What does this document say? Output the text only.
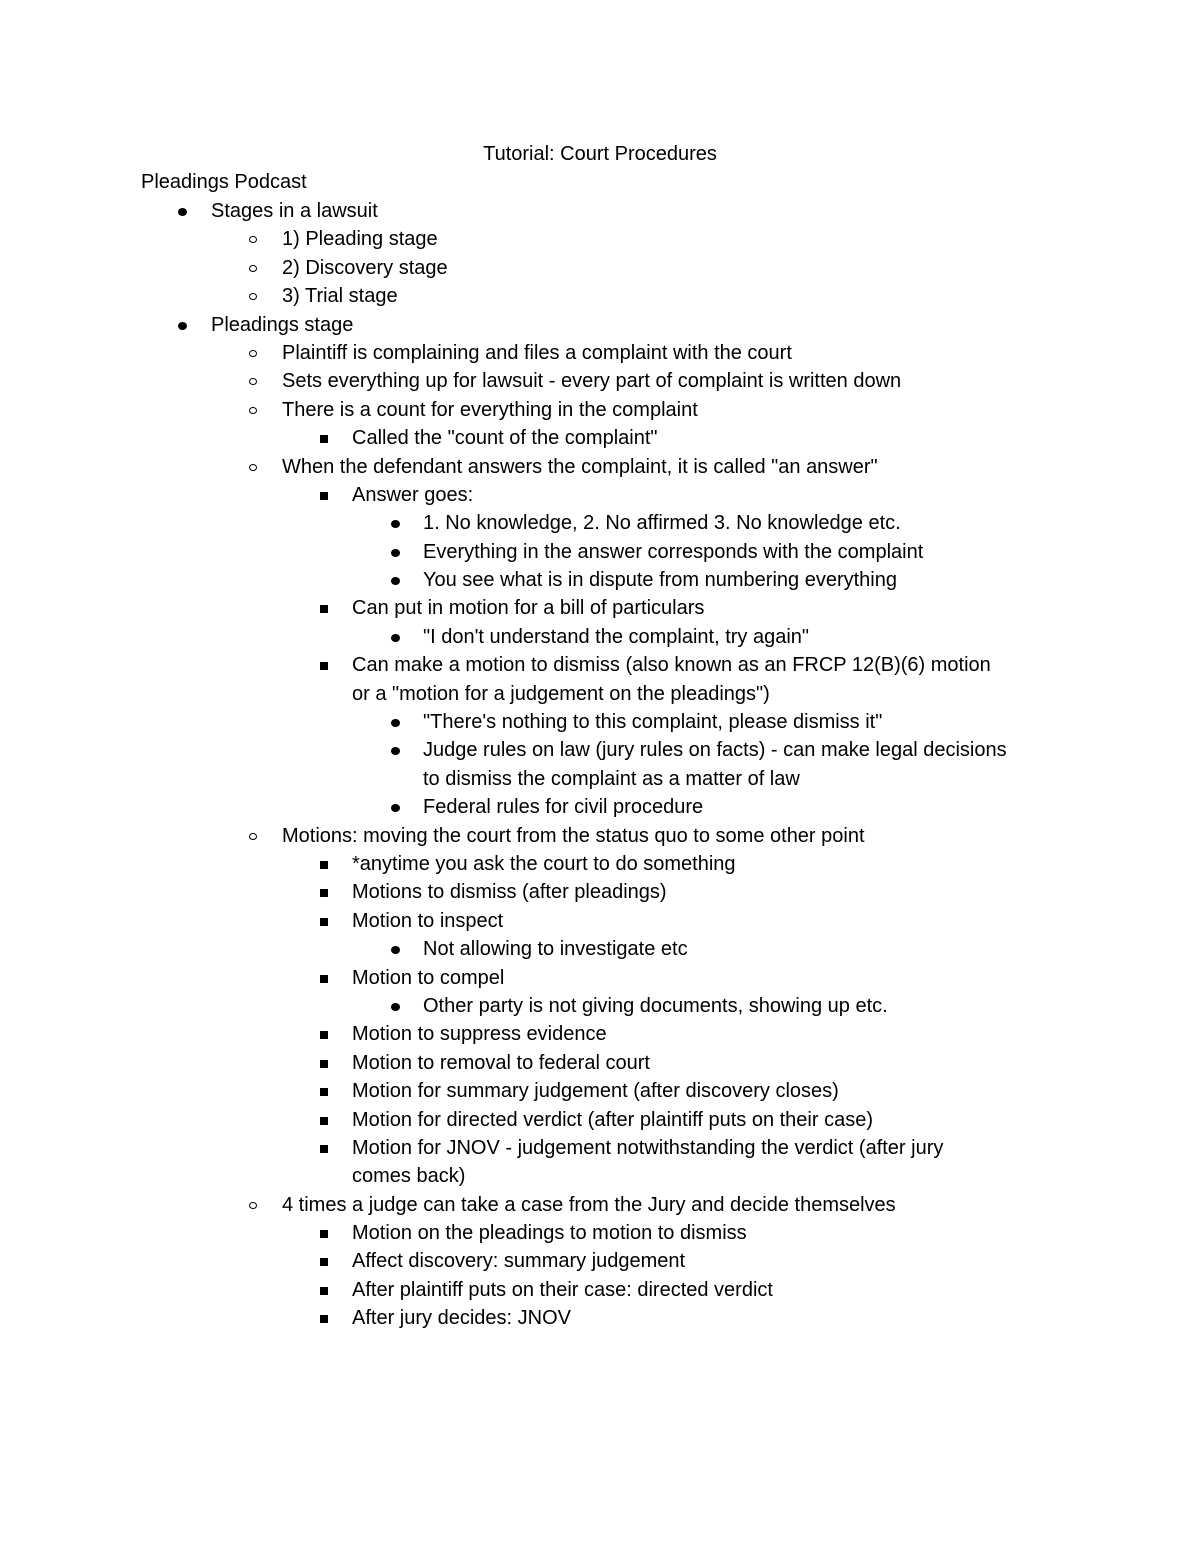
Tutorial: Court Procedures
Pleadings Podcast
Stages in a lawsuit
1) Pleading stage
2) Discovery stage
3) Trial stage
Pleadings stage
Plaintiff is complaining and files a complaint with the court
Sets everything up for lawsuit - every part of complaint is written down
There is a count for everything in the complaint
Called the "count of the complaint"
When the defendant answers the complaint, it is called "an answer"
Answer goes:
1. No knowledge, 2. No affirmed 3. No knowledge etc.
Everything in the answer corresponds with the complaint
You see what is in dispute from numbering everything
Can put in motion for a bill of particulars
"I don't understand the complaint, try again"
Can make a motion to dismiss (also known as an FRCP 12(B)(6) motion
or a "motion for a judgement on the pleadings")
"There's nothing to this complaint, please dismiss it"
Judge rules on law (jury rules on facts) - can make legal decisions
to dismiss the complaint as a matter of law
Federal rules for civil procedure
Motions: moving the court from the status quo to some other point
*anytime you ask the court to do something
Motions to dismiss (after pleadings)
Motion to inspect
Not allowing to investigate etc
Motion to compel
Other party is not giving documents, showing up etc.
Motion to suppress evidence
Motion to removal to federal court
Motion for summary judgement (after discovery closes)
Motion for directed verdict (after plaintiff puts on their case)
Motion for JNOV - judgement notwithstanding the verdict (after jury
comes back)
4 times a judge can take a case from the Jury and decide themselves
Motion on the pleadings to motion to dismiss
Affect discovery: summary judgement
After plaintiff puts on their case: directed verdict
After jury decides: JNOV
